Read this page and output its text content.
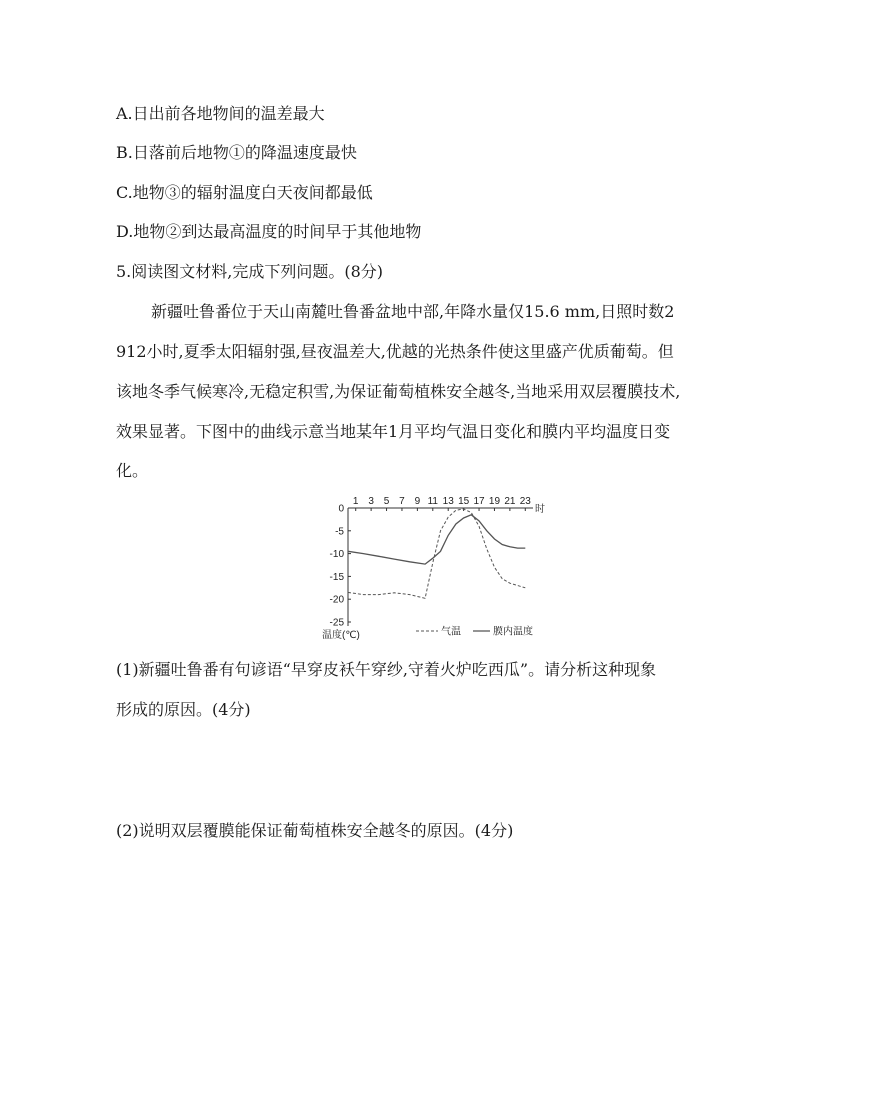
A.日出前各地物间的温差最大
B.日落前后地物①的降温速度最快
C.地物③的辐射温度白天夜间都最低
D.地物②到达最高温度的时间早于其他地物
5.阅读图文材料,完成下列问题。(8分)
新疆吐鲁番位于天山南麓吐鲁番盆地中部,年降水量仅15.6 mm,日照时数2
912小时,夏季太阳辐射强,昼夜温差大,优越的光热条件使这里盛产优质葡萄。但
该地冬季气候寒冷,无稳定积雪,为保证葡萄植株安全越冬,当地采用双层覆膜技术,
效果显著。下图中的曲线示意当地某年1月平均气温日变化和膜内平均温度日变
化。
1 3 5 7 9 11 13 15 17 19 21 23
时
0
-5
-10
-15
-20
-25
温度(℃)	气温	膜内温度
(1)新疆吐鲁番有句谚语“早穿皮袄午穿纱,守着火炉吃西瓜”。请分析这种现象
形成的原因。(4分)
(2)说明双层覆膜能保证葡萄植株安全越冬的原因。(4分)
